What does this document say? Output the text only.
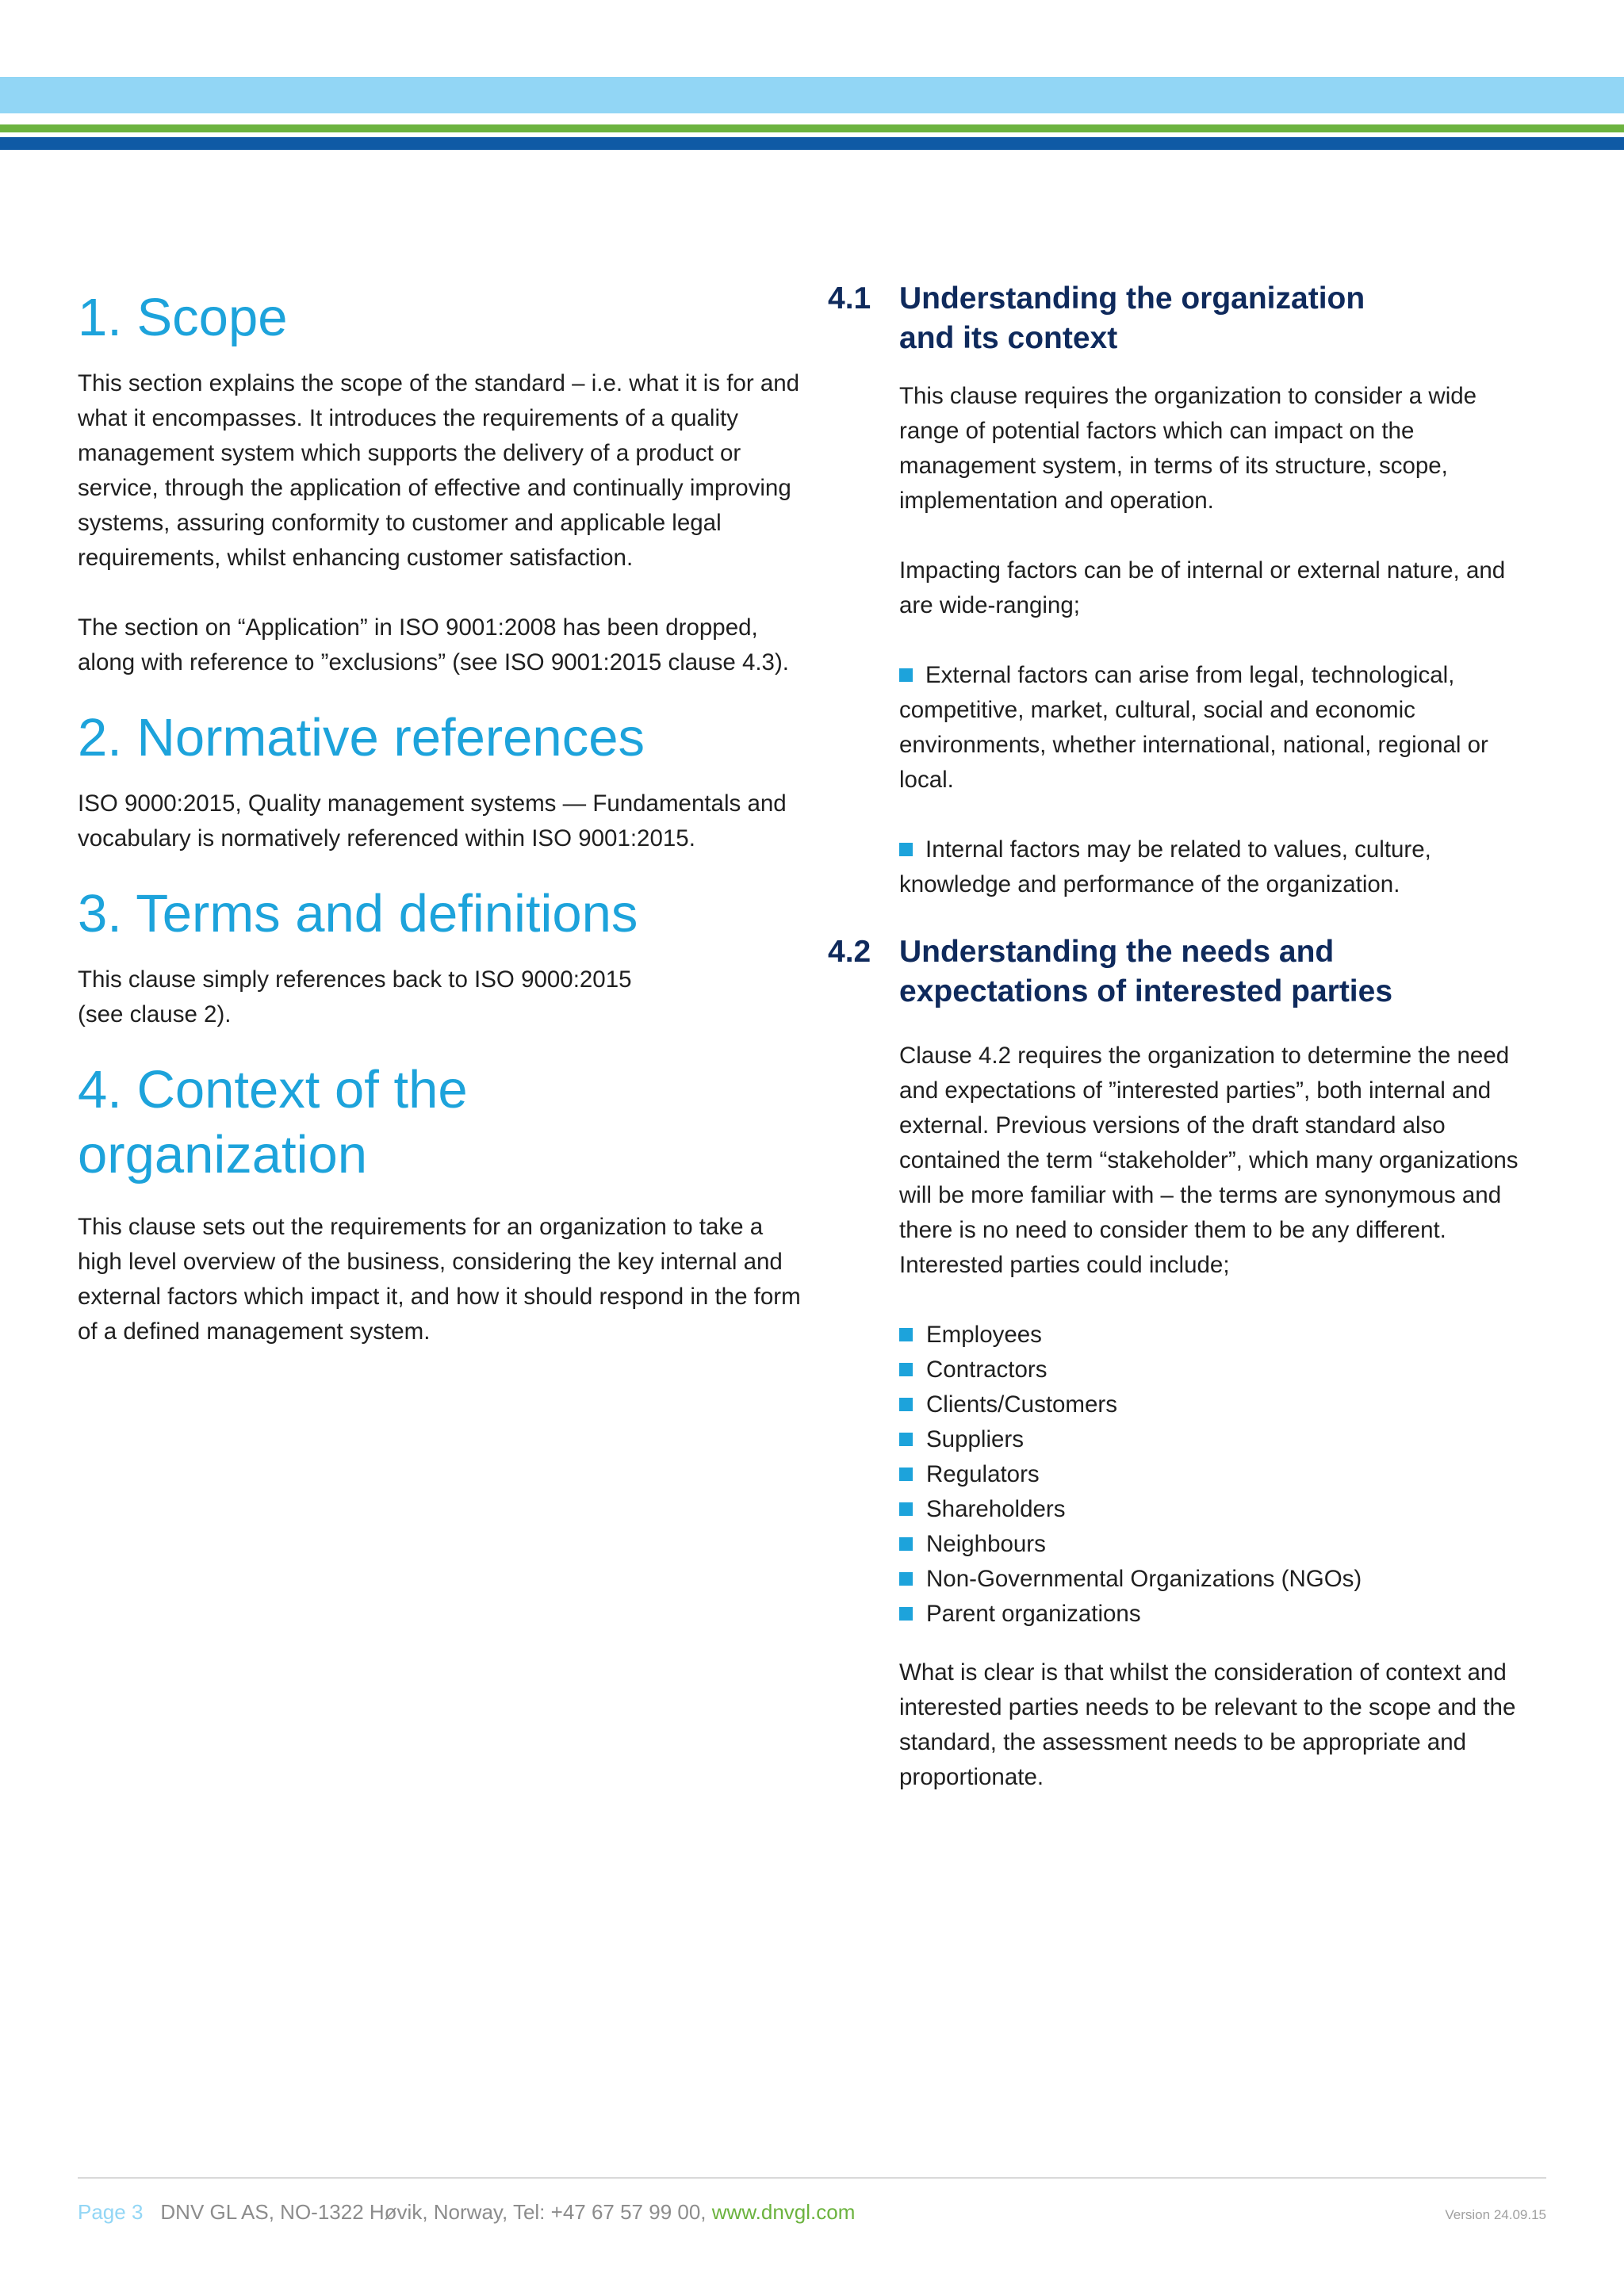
1. Scope

This section explains the scope of the standard – i.e. what it is for and what it encompasses. It introduces the requirements of a quality management system which supports the delivery of a product or service, through the application of effective and continually improving systems, assuring conformity to customer and applicable legal requirements, whilst enhancing customer satisfaction.

The section on “Application” in ISO 9001:2008 has been dropped, along with reference to ”exclusions” (see ISO 9001:2015 clause 4.3).

2. Normative references

ISO 9000:2015, Quality management systems — Fundamentals and vocabulary is normatively referenced within ISO 9001:2015.

3. Terms and definitions

This clause simply references back to ISO 9000:2015
(see clause 2).

4. Context of the
organization

This clause sets out the requirements for an organization to take a high level overview of the business, considering the key internal and external factors which impact it, and how it should respond in the form of a defined management system.

4.1 Understanding the organization
and its context

This clause requires the organization to consider a wide range of potential factors which can impact on the management system, in terms of its structure, scope, implementation and operation.

Impacting factors can be of internal or external nature, and are wide-ranging;

External factors can arise from legal, technological, competitive, market, cultural, social and economic environments, whether international, national, regional or local.

Internal factors may be related to values, culture, knowledge and performance of the organization.

4.2 Understanding the needs and
expectations of interested parties

Clause 4.2 requires the organization to determine the need and expectations of ”interested parties”, both internal and external. Previous versions of the draft standard also contained the term “stakeholder”, which many organizations will be more familiar with – the terms are synonymous and there is no need to consider them to be any different. Interested parties could include;

Employees
Contractors
Clients/Customers
Suppliers
Regulators
Shareholders
Neighbours
Non-Governmental Organizations (NGOs)
Parent organizations

What is clear is that whilst the consideration of context and interested parties needs to be relevant to the scope and the standard, the assessment needs to be appropriate and proportionate.

Page 3 DNV GL AS, NO-1322 Høvik, Norway, Tel: +47 67 57 99 00, www.dnvgl.com	Version 24.09.15
